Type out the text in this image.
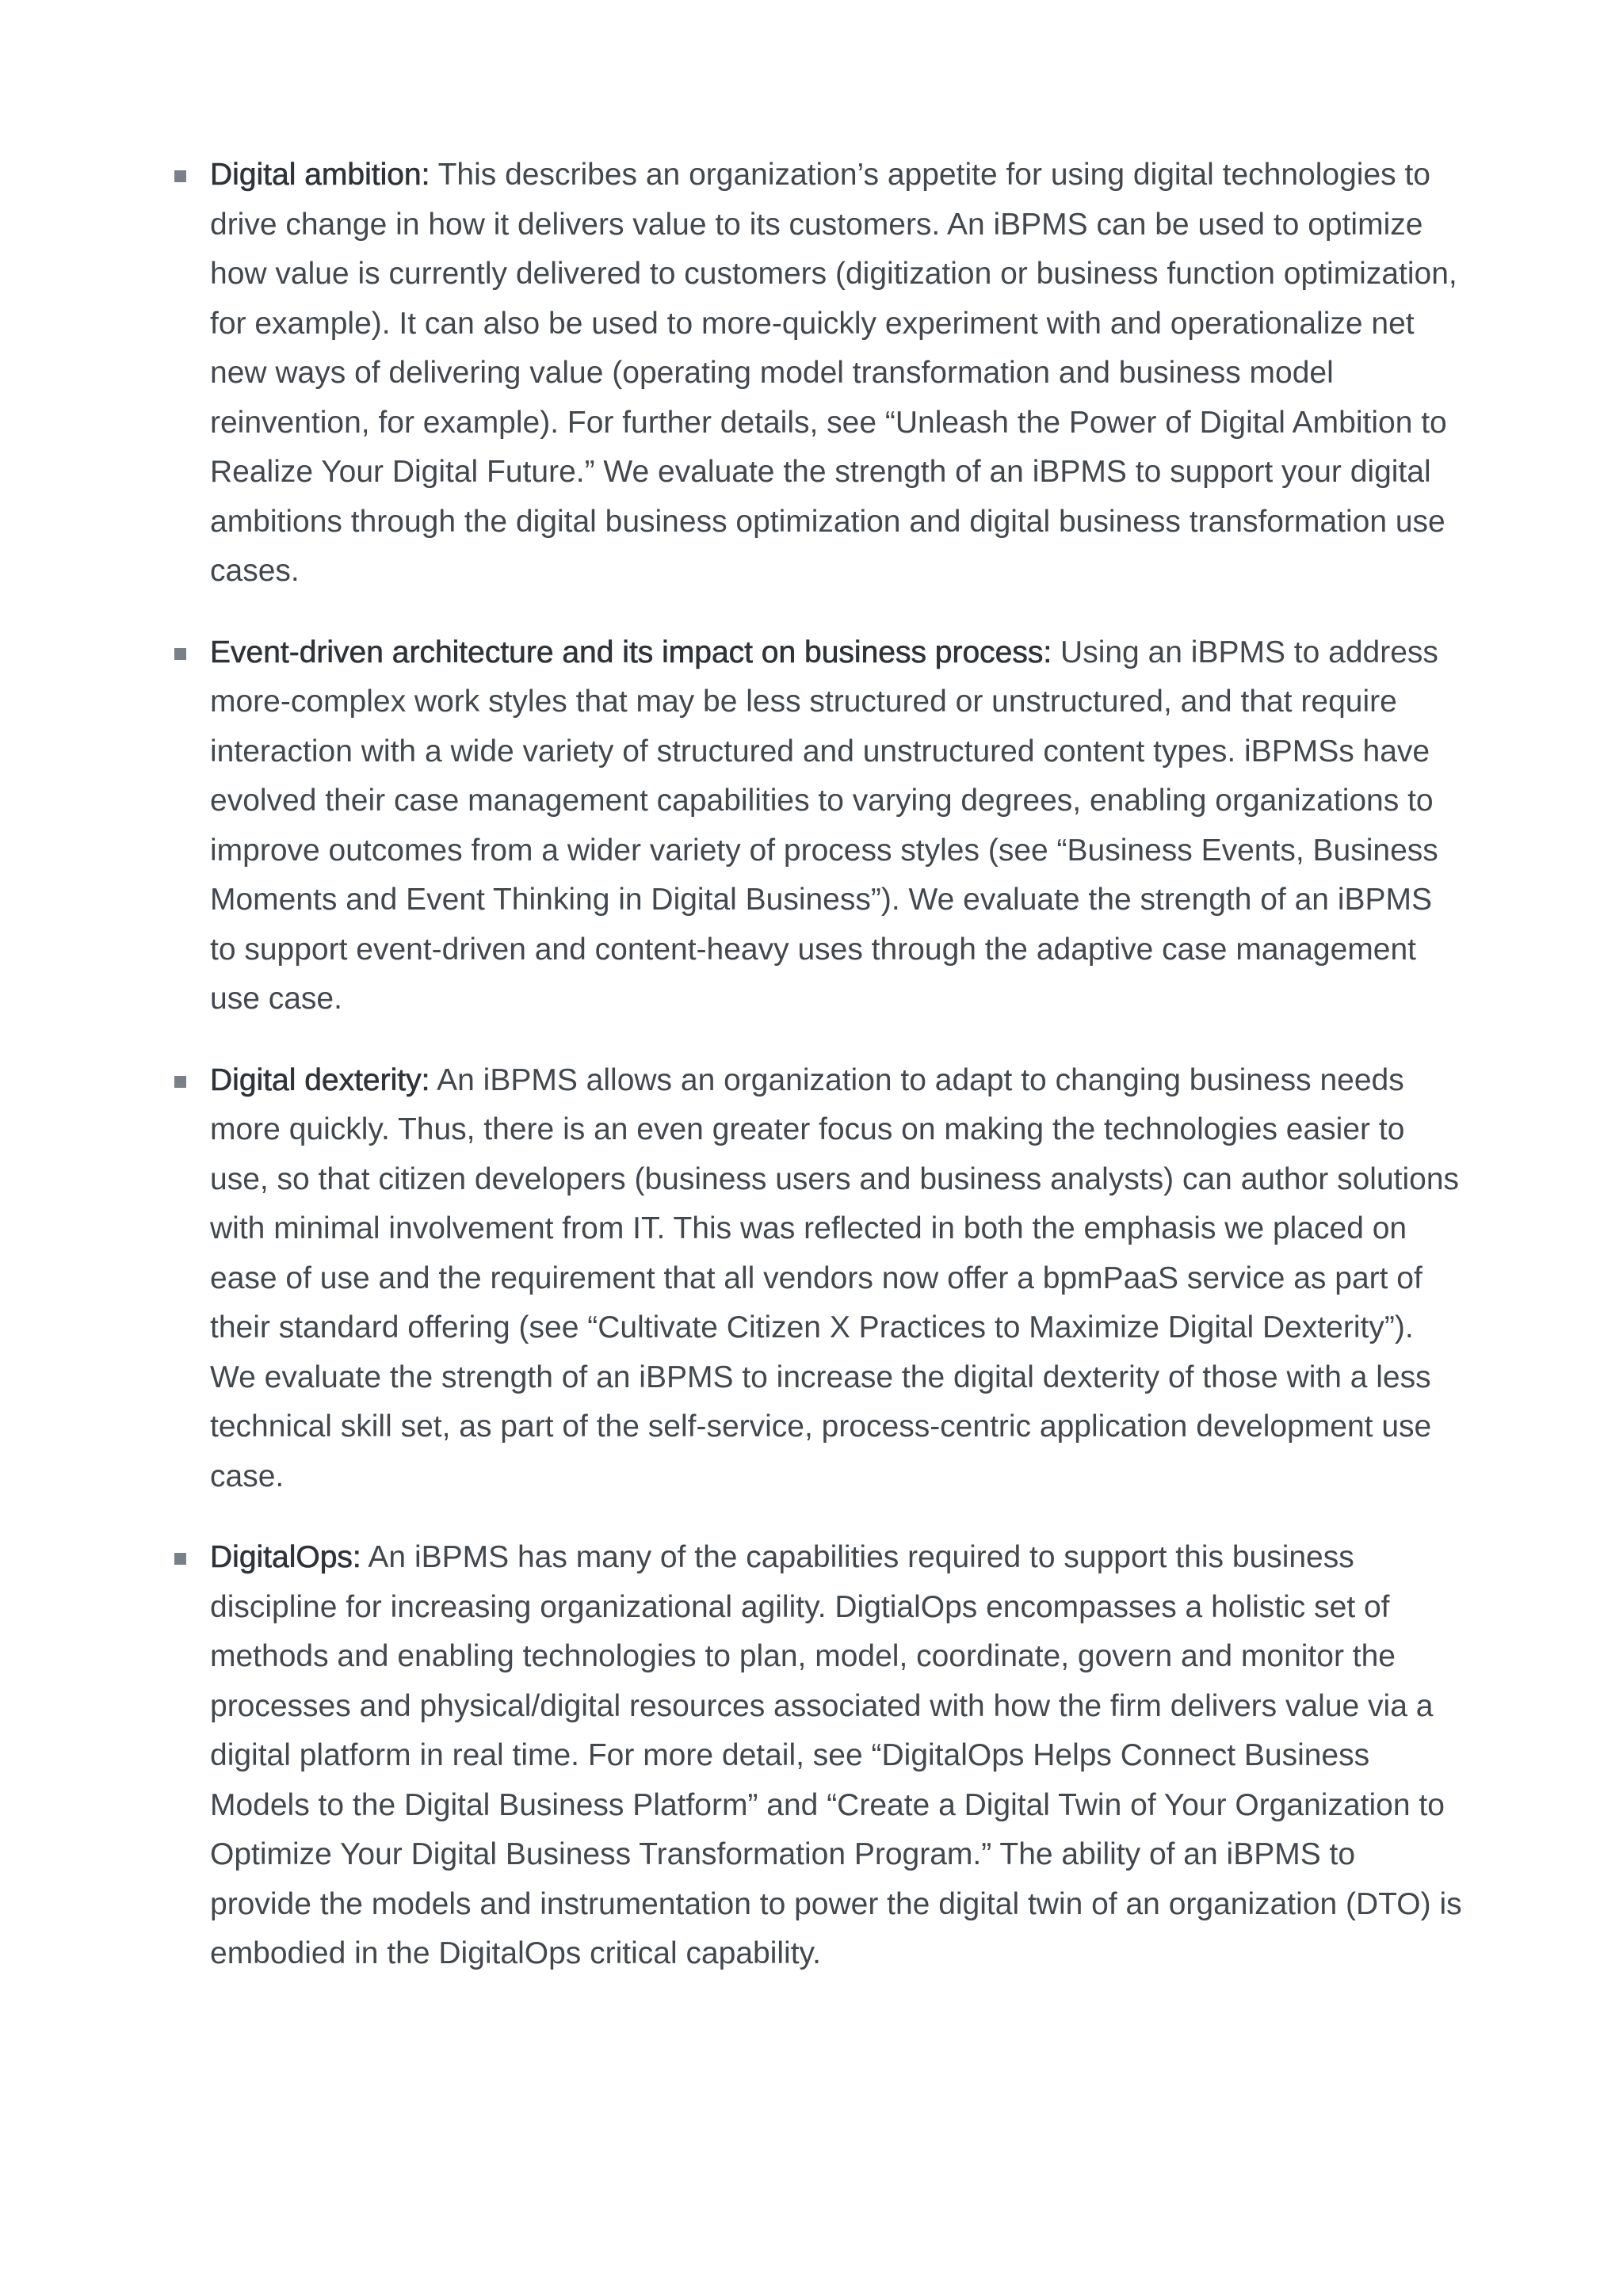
Digital ambition: This describes an organization’s appetite for using digital technologies to drive change in how it delivers value to its customers. An iBPMS can be used to optimize how value is currently delivered to customers (digitization or business function optimization, for example). It can also be used to more-quickly experiment with and operationalize net new ways of delivering value (operating model transformation and business model reinvention, for example). For further details, see “Unleash the Power of Digital Ambition to Realize Your Digital Future.” We evaluate the strength of an iBPMS to support your digital ambitions through the digital business optimization and digital business transformation use cases.
Event-driven architecture and its impact on business process: Using an iBPMS to address more-complex work styles that may be less structured or unstructured, and that require interaction with a wide variety of structured and unstructured content types. iBPMSs have evolved their case management capabilities to varying degrees, enabling organizations to improve outcomes from a wider variety of process styles (see “Business Events, Business Moments and Event Thinking in Digital Business”). We evaluate the strength of an iBPMS to support event-driven and content-heavy uses through the adaptive case management use case.
Digital dexterity: An iBPMS allows an organization to adapt to changing business needs more quickly. Thus, there is an even greater focus on making the technologies easier to use, so that citizen developers (business users and business analysts) can author solutions with minimal involvement from IT. This was reflected in both the emphasis we placed on ease of use and the requirement that all vendors now offer a bpmPaaS service as part of their standard offering (see “Cultivate Citizen X Practices to Maximize Digital Dexterity”). We evaluate the strength of an iBPMS to increase the digital dexterity of those with a less technical skill set, as part of the self-service, process-centric application development use case.
DigitalOps: An iBPMS has many of the capabilities required to support this business discipline for increasing organizational agility. DigtialOps encompasses a holistic set of methods and enabling technologies to plan, model, coordinate, govern and monitor the processes and physical/digital resources associated with how the firm delivers value via a digital platform in real time. For more detail, see “DigitalOps Helps Connect Business Models to the Digital Business Platform” and “Create a Digital Twin of Your Organization to Optimize Your Digital Business Transformation Program.” The ability of an iBPMS to provide the models and instrumentation to power the digital twin of an organization (DTO) is embodied in the DigitalOps critical capability.
